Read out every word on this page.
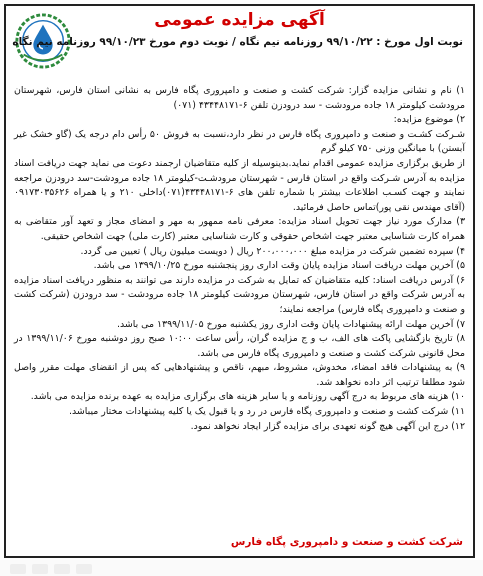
آگهی مزایده عمومی
نوبت اول مورخ : ۹۹/۱۰/۲۲ روزنامه نیم نگاه / نوبت دوم مورخ ۹۹/۱۰/۲۳ روزنامه نیم نگاه

۱) نام و نشانی مزایده گزار: شرکت کشت و صنعت و دامپروری پگاه فارس به نشانی استان فارس، شهرستان مرودشت کیلومتر ۱۸ جاده مرودشت - سد درودزن تلفن ۶-۴۳۴۴۸۱۷۱ (۰۷۱)

۲) موضوع مزایده:

شـرکت کشـت و صنعت و دامپروری پگاه فارس در نظر دارد،نسبت به فروش ۵۰ رأس دام درجه یک (گاو خشک غیر آبستن) با میانگین وزنی ۷۵۰ کیلو گرم

از طریق برگزاری مزایده عمومی اقدام نماید.بدینوسیله از کلیه متقاضیان ارجمند دعوت می نماید جهت دریافت اسناد مزایده به آدرس شـرکت واقع در استان فارس - شهرستان مرودشـت-کیلومتر ۱۸ جاده مرودشت-سد درودزن مراجعه نمایند و جهت کسـب اطلاعات بیشتر با شماره تلفن های ۶-۴۳۴۴۸۱۷۱(۰۷۱)داخلی ۲۱۰ و یا همراه ۰۹۱۷۳۰۳۵۶۲۶ (آقای مهندس نقی پور)تماس حاصل فرمائید.

۳) مدارک مورد نیاز جهت تحویل اسناد مزایده: معرفی نامه ممهور به مهر و امضای مجاز و تعهد آور متقاضی به همراه کارت شناسایی معتبر جهت اشخاص حقوقی و کارت شناسایی معتبر (کارت ملی) جهت اشخاص حقیقی.

۴) سپرده تضمین شرکت در مزایده مبلغ ۲۰۰،۰۰۰،۰۰۰ ریال ( دویست میلیون ریال ) تعیین می گردد.

۵) آخرین مهلت دریافت اسناد مزایده پایان وقت اداری روز پنجشنبه مورخ ۱۳۹۹/۱۰/۲۵ می باشد.

۶) آدرس دریافت اسناد: کلیه متقاضیان که تمایل به شرکت در مزایده دارند می توانند به منظور دریافت اسناد مزایده به آدرس شرکت واقع در استان فارس، شهرستان مرودشت کیلومتر ۱۸ جاده مرودشت - سد درودزن (شرکت کشت و صنعت و دامپروری پگاه فارس) مراجعه نمایند؛

۷) آخرین مهلت ارائه پیشنهادات پایان وقت اداری روز یکشنبه مورخ ۱۳۹۹/۱۱/۰۵ می باشد.

۸) تاریخ بازگشایی پاکت های الف، ب و ج مزایده گران، رأس ساعت ۱۰:۰۰ صبح روز دوشنبه مورخ ۱۳۹۹/۱۱/۰۶ در محل قانونی شرکت کشت و صنعت و دامپروری پگاه فارس می باشد.

۹) به پیشنهادات فاقد امضاء، مخدوش، مشروط، مبهم، ناقص و پیشنهادهایی که پس از انقضای مهلت مقرر واصل شود مطلقا ترتیب اثر داده نخواهد شد.

۱۰) هزینه های مربوط به درج آگهی روزنامه و یا سایر هزینه های برگزاری مزایده به عهده برنده مزایده می باشد.

۱۱) شرکت کشت و صنعت و دامپروری پگاه فارس در رد و یا قبول یک یا کلیه پیشنهادات مختار میباشد.

۱۲) درج این آگهی هیچ گونه تعهدی برای مزایده گزار ایجاد نخواهد نمود.

شرکت کشت و صنعت و دامپروری پگاه فارس
